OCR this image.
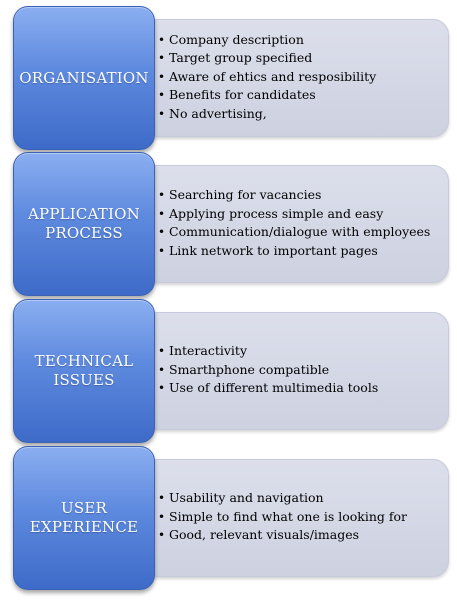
ORGANISATION
• Company description
• Target group specified
• Aware of ehtics and resposibility
• Benefits for candidates
• No advertising,
APPLICATION
PROCESS
• Searching for vacancies
• Applying process simple and easy
• Communication/dialogue with employees
• Link network to important pages
TECHNICAL
ISSUES
• Interactivity
• Smarthphone compatible
• Use of different multimedia tools
USER
EXPERIENCE
• Usability and navigation
• Simple to find what one is looking for
• Good, relevant visuals/images
